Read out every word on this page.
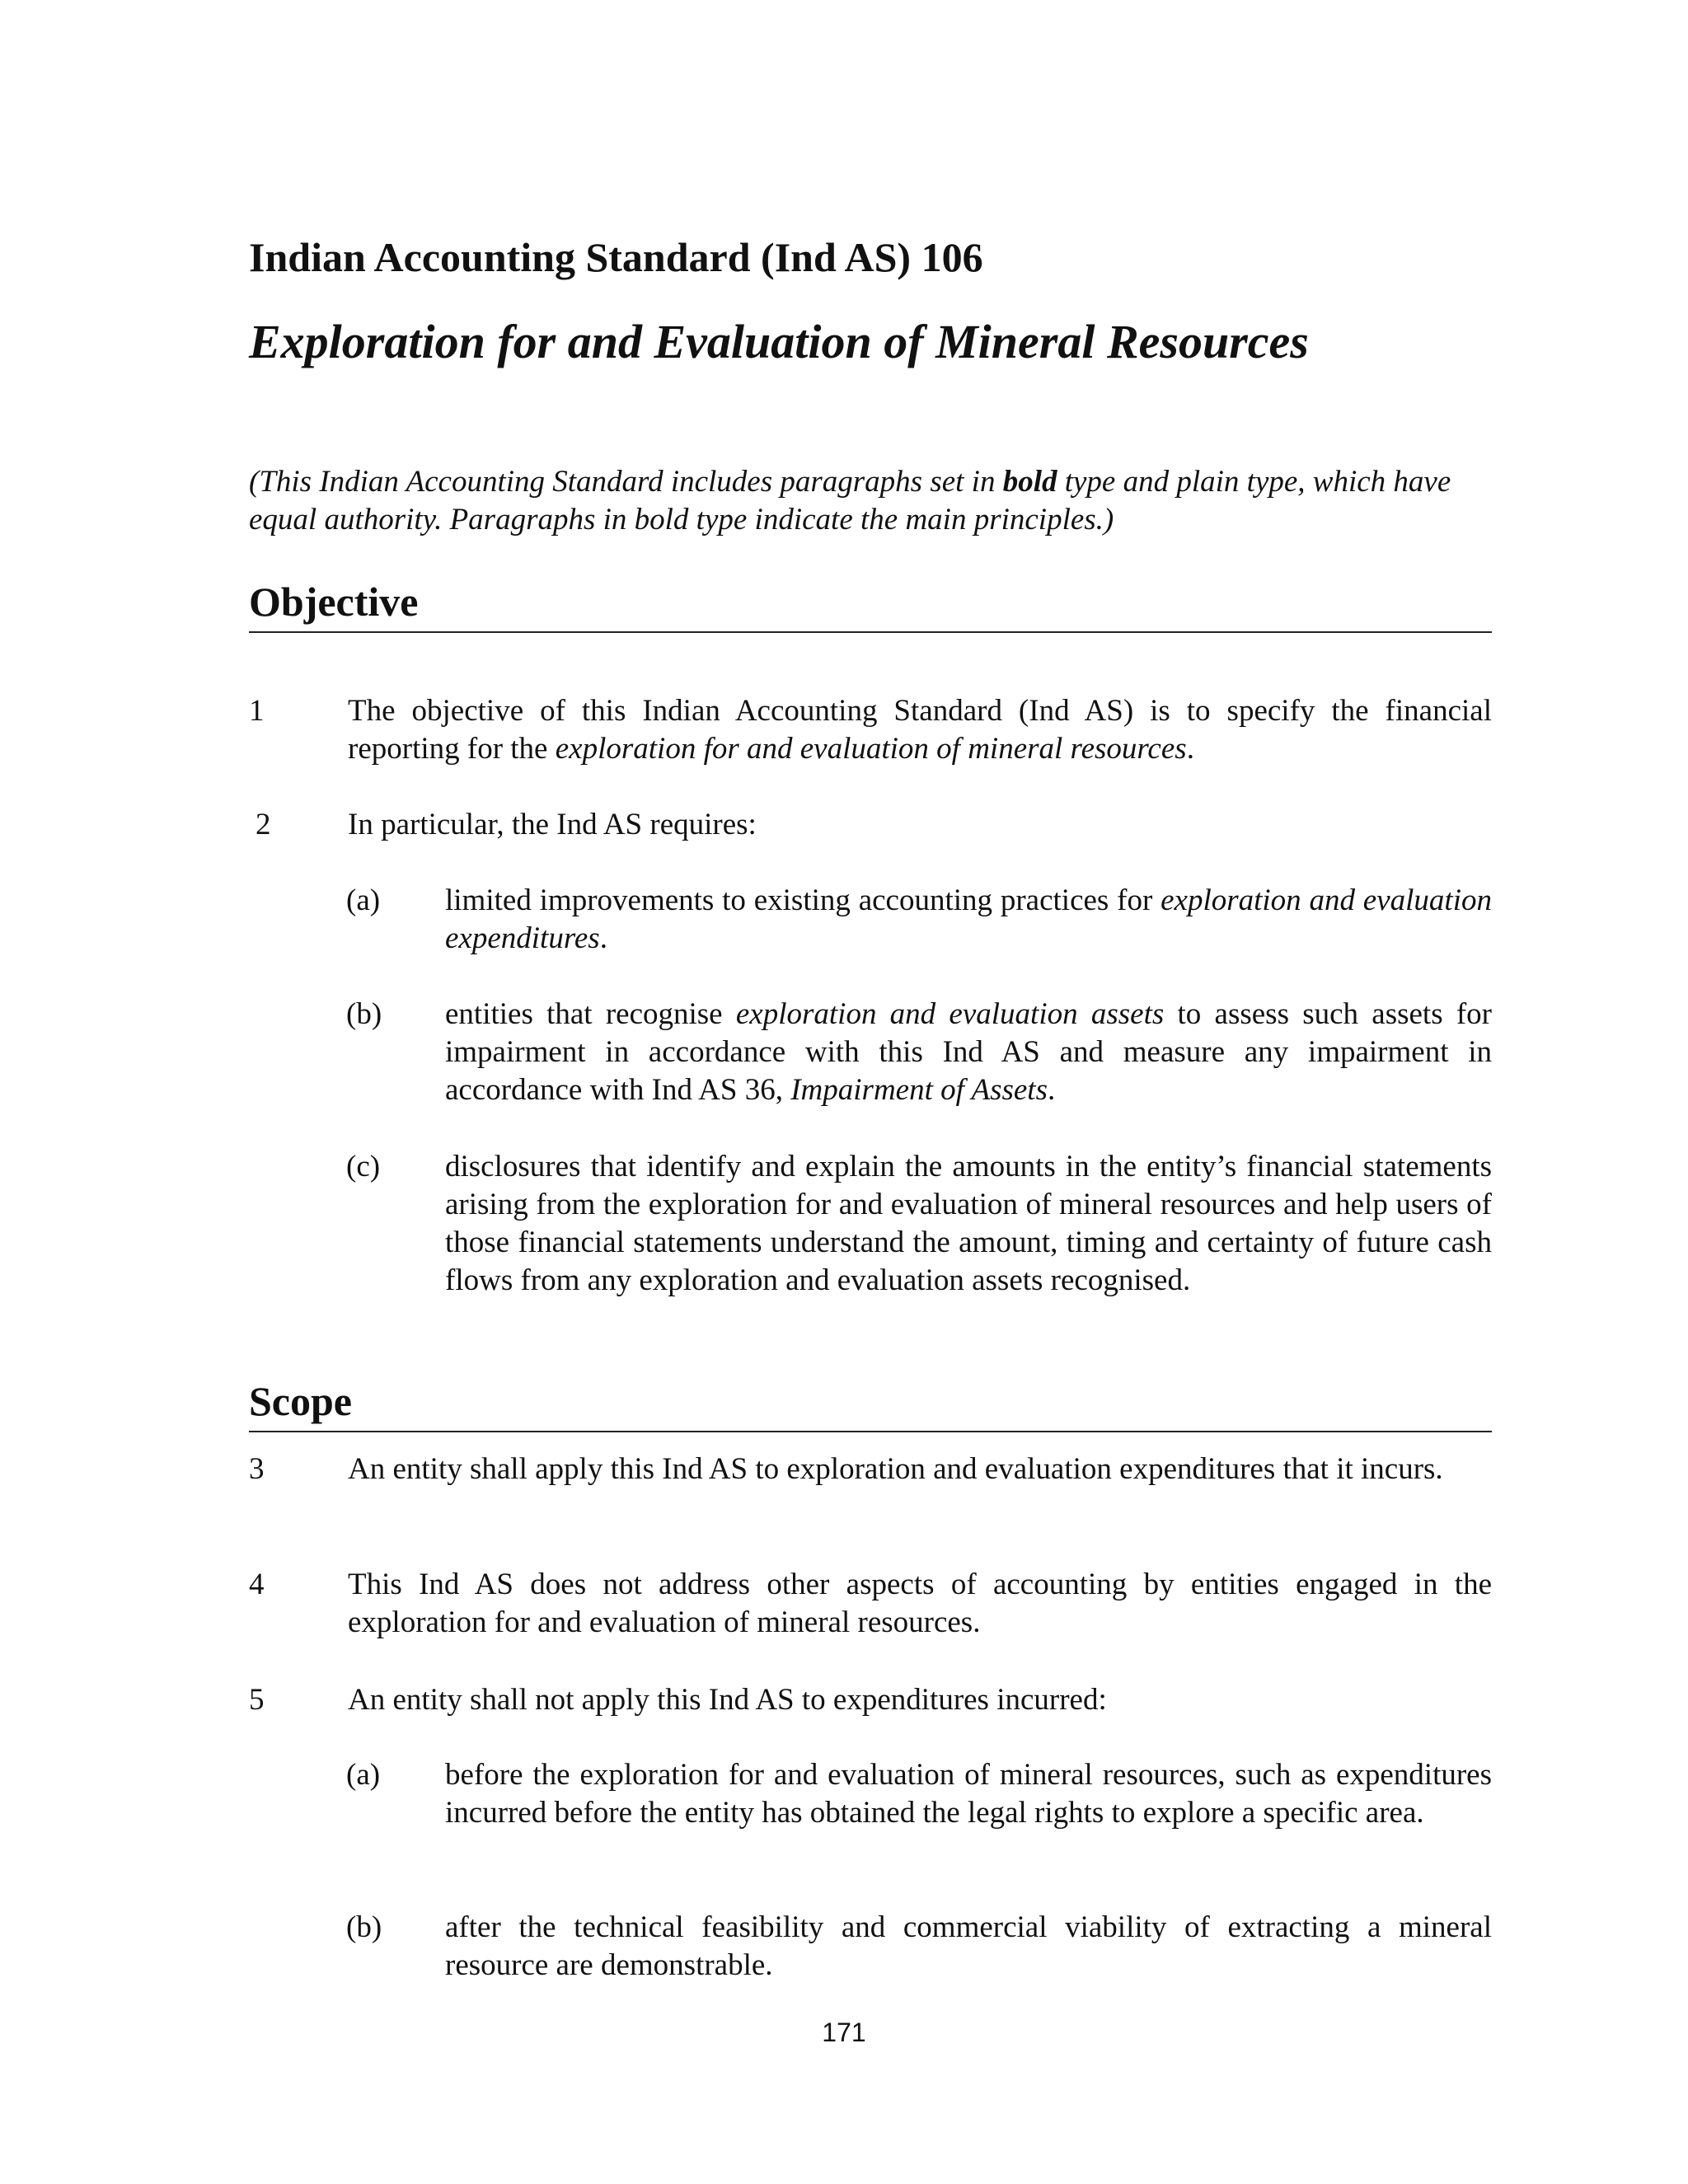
Indian Accounting Standard (Ind AS) 106
Exploration for and Evaluation of Mineral Resources

(This Indian Accounting Standard includes paragraphs set in bold type and plain type, which have equal authority. Paragraphs in bold type indicate the main principles.)

Objective
1	The objective of this Indian Accounting Standard (Ind AS) is to specify the financial reporting for the exploration for and evaluation of mineral resources.
2	In particular, the Ind AS requires:
(a) limited improvements to existing accounting practices for exploration and evaluation expenditures.
(b) entities that recognise exploration and evaluation assets to assess such assets for impairment in accordance with this Ind AS and measure any impairment in accordance with Ind AS 36, Impairment of Assets.
(c) disclosures that identify and explain the amounts in the entity’s financial statements arising from the exploration for and evaluation of mineral resources and help users of those financial statements understand the amount, timing and certainty of future cash flows from any exploration and evaluation assets recognised.
Scope
3	An entity shall apply this Ind AS to exploration and evaluation expenditures that it incurs.
4	This Ind AS does not address other aspects of accounting by entities engaged in the exploration for and evaluation of mineral resources.
5	An entity shall not apply this Ind AS to expenditures incurred:
(a) before the exploration for and evaluation of mineral resources, such as expenditures incurred before the entity has obtained the legal rights to explore a specific area.
(b) after the technical feasibility and commercial viability of extracting a mineral resource are demonstrable.
171
